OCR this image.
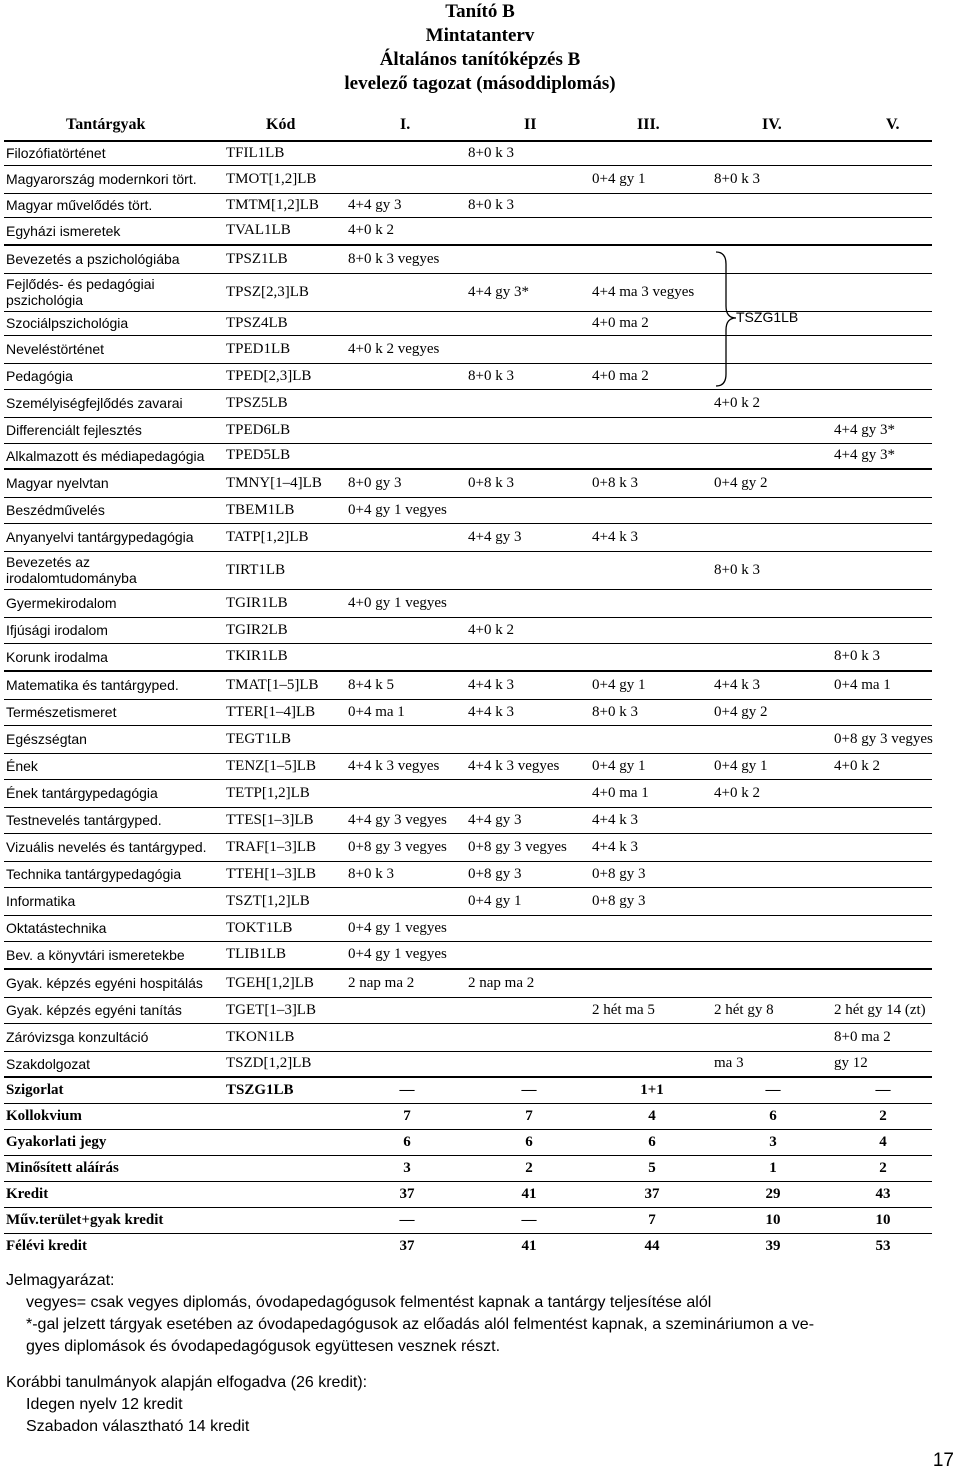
Tanító B
Mintatanterv
Általános tanítóképzés B
levelező tagozat (másoddiplomás)
Tantárgyak	Kód	I.	II	III.	IV.	V.
Filozófiatörténet	TFIL1LB		8+0 k 3			
Magyarország modernkori tört.	TMOT[1,2]LB			0+4 gy 1	8+0 k 3	
Magyar művelődés tört.	TMTM[1,2]LB	4+4 gy 3	8+0 k 3			
Egyházi ismeretek	TVAL1LB	4+0 k 2				
Bevezetés a pszichológiába	TPSZ1LB	8+0 k 3 vegyes				
Fejlődés- és pedagógiai pszichológia	TPSZ[2,3]LB		4+4 gy 3*	4+4 ma 3 vegyes		
Szociálpszichológia	TPSZ4LB			4+0 ma 2		
Neveléstörténet	TPED1LB	4+0 k 2 vegyes				
Pedagógia	TPED[2,3]LB		8+0 k 3	4+0 ma 2		
Személyiségfejlődés zavarai	TPSZ5LB				4+0 k 2	
Differenciált fejlesztés	TPED6LB					4+4 gy 3*
Alkalmazott és médiapedagógia	TPED5LB					4+4 gy 3*
Magyar nyelvtan	TMNY[1–4]LB	8+0 gy 3	0+8 k 3	0+8 k 3	0+4 gy 2	
Beszédművelés	TBEM1LB	0+4 gy 1 vegyes				
Anyanyelvi tantárgypedagógia	TATP[1,2]LB		4+4 gy 3	4+4 k 3		
Bevezetés az irodalomtudományba	TIRT1LB				8+0 k 3	
Gyermekirodalom	TGIR1LB	4+0 gy 1 vegyes				
Ifjúsági irodalom	TGIR2LB		4+0 k 2			
Korunk irodalma	TKIR1LB					8+0 k 3
Matematika és tantárgyped.	TMAT[1–5]LB	8+4 k 5	4+4 k 3	0+4 gy 1	4+4 k 3	0+4 ma 1
Természetismeret	TTER[1–4]LB	0+4 ma 1	4+4 k 3	8+0 k 3	0+4 gy 2	
Egészségtan	TEGT1LB					0+8 gy 3 vegyes
Ének	TENZ[1–5]LB	4+4 k 3 vegyes	4+4 k 3 vegyes	0+4 gy 1	0+4 gy 1	4+0 k 2
Ének tantárgypedagógia	TETP[1,2]LB			4+0 ma 1	4+0 k 2	
Testnevelés tantárgyped.	TTES[1–3]LB	4+4 gy 3 vegyes	4+4 gy 3	4+4 k 3		
Vizuális nevelés és tantárgyped.	TRAF[1–3]LB	0+8 gy 3 vegyes	0+8 gy 3 vegyes	4+4 k 3		
Technika tantárgypedagógia	TTEH[1–3]LB	8+0 k 3	0+8 gy 3	0+8 gy 3		
Informatika	TSZT[1,2]LB		0+4 gy 1	0+8 gy 3		
Oktatástechnika	TOKT1LB	0+4 gy 1 vegyes				
Bev. a könyvtári ismeretekbe	TLIB1LB	0+4 gy 1 vegyes				
Gyak. képzés egyéni hospitálás	TGEH[1,2]LB	2 nap ma 2	2 nap ma 2			
Gyak. képzés egyéni tanítás	TGET[1–3]LB			2 hét ma 5	2 hét gy 8	2 hét gy 14 (zt)
Záróvizsga konzultáció	TKON1LB					8+0 ma 2
Szakdolgozat	TSZD[1,2]LB				ma 3	gy 12
Szigorlat	TSZG1LB	—	—	1+1	—	—
Kollokvium		7	7	4	6	2
Gyakorlati jegy		6	6	6	3	4
Minősített aláírás		3	2	5	1	2
Kredit		37	41	37	29	43
Műv.terület+gyak kredit		—	—	7	10	10
Félévi kredit		37	41	44	39	53
TSZG1LB
Jelmagyarázat:
vegyes= csak vegyes diplomás, óvodapedagógusok felmentést kapnak a tantárgy teljesítése alól
*-gal jelzett tárgyak esetében az óvodapedagógusok az előadás alól felmentést kapnak, a szemináriumon a ve-
gyes diplomások és óvodapedagógusok együttesen vesznek részt.
Korábbi tanulmányok alapján elfogadva (26 kredit):
Idegen nyelv 12 kredit
Szabadon választható 14 kredit
17
